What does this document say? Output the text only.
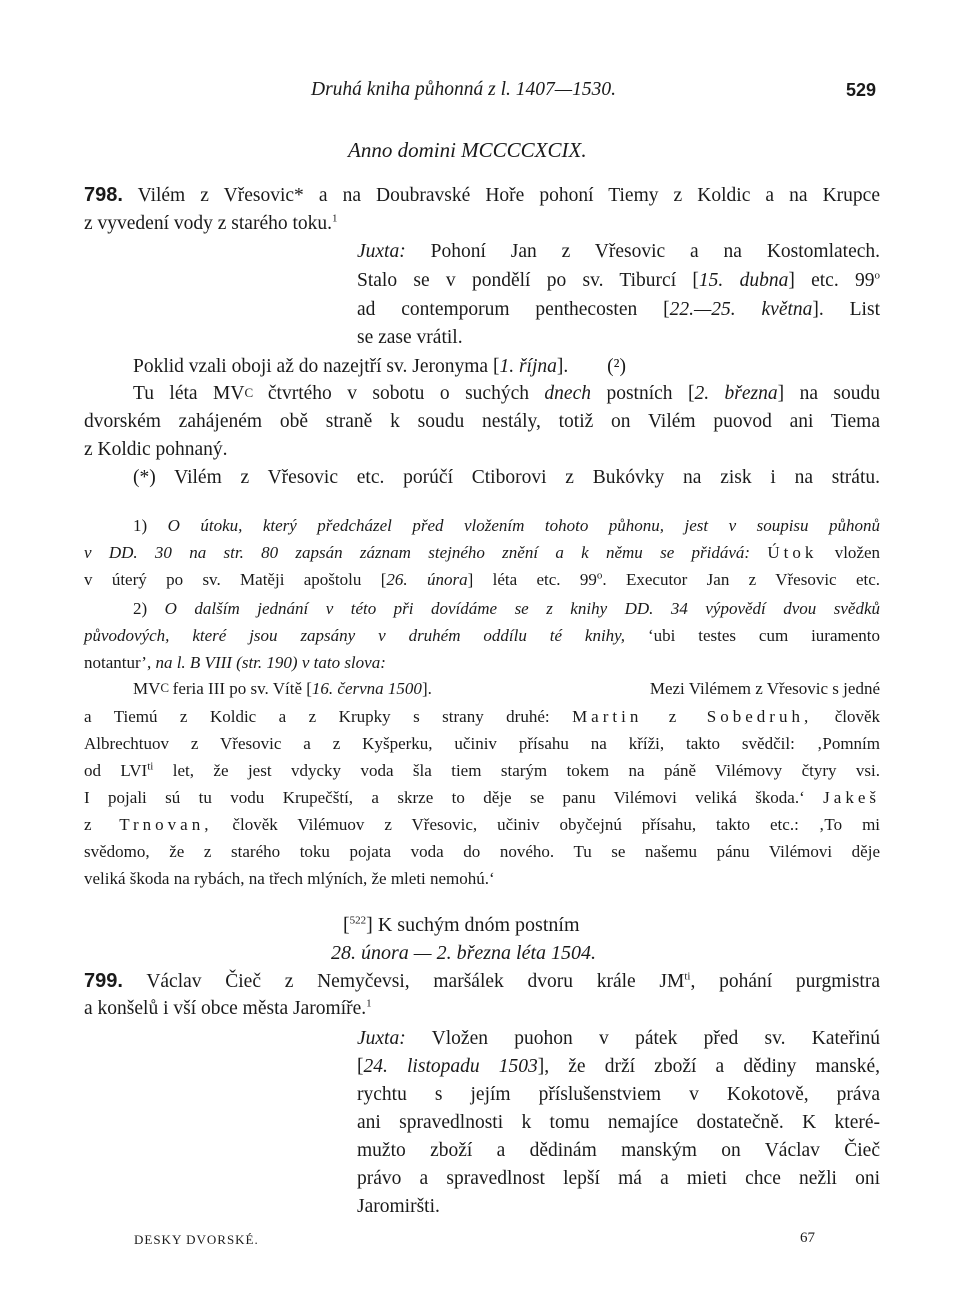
Druhá kniha půhonná z l. 1407—1530.	529
Anno domini MCCCCXCIX.
798. Vilém z Vřesovic* a na Doubravské Hoře pohoní Tiemy z Koldic a na Krupce
z vyvedení vody z starého toku.$^1$
Juxta: Pohoní Jan z Vřesovic a na Kostomlatech.
Stalo se v pondělí po sv. Tiburcí [15. dubna] etc. 99$^o$
ad contemporum penthecosten [22.—25. května]. List
se zase vrátil.
Poklid vzali oboji až do nazejtří sv. Jeronyma [1. října]. (²)
Tu léta MV C čtvrtého v sobotu o suchých dnech postních [2. března] na soudu
dvorském zahájeném obě straně k soudu nestály, totiž on Vilém puovod ani Tiema
z Koldic pohnaný.
(*) Vilém z Vřesovic etc. porúčí Ctiborovi z Bukóvky na zisk i na strátu.
1) O útoku, který předcházel před vložením tohoto půhonu, jest v soupisu půhonů
v DD. 30 na str. 80 zapsán záznam stejného znění a k němu se přidává: Útok vložen
v úterý po sv. Matěji apoštolu [26. února] léta etc. 99$^o$. Executor Jan z Vřesovic etc.
2) O dalším jednání v této při dovídáme se z knihy DD. 34 výpovědí dvou svědků
původových, které jsou zapsány v druhém oddílu té knihy, ‘ubi testes cum iuramento
notantur’, na l. B VIII (str. 190) v tato slova:
MV C feria III po sv. Vítě [16. června 1500].	Mezi Vilémem z Vřesovic s jedné
a Tiemú z Koldic a z Krupky s strany druhé: Martin z Sobedruh, člověk
Albrechtuov z Vřesovic a z Kyšperku, učiniv přísahu na kříži, takto svědčil: ‚Pomním
od $LVI^{ti}$ let, že jest vdycky voda šla tiem starým tokem na páně Vilémovy čtyry vsi.
I pojali sú tu vodu Krupečští, a skrze to děje se panu Vilémovi veliká škoda.‘ Jakeš
z Trnovan, člověk Vilémuov z Vřesovic, učiniv obyčejnú přísahu, takto etc.: ‚To mi
svědomo, že z starého toku pojata voda do nového. Tu se našemu pánu Vilémovi děje
veliká škoda na rybách, na třech mlýních, že mleti nemohú.‘
[$^{522}$] K suchým dnóm postním
28. února — 2. března léta 1504.
799. Václav Čieč z Nemyčevsi, maršálek dvoru krále $JM^{ti}$, pohání purgmistra
a konšelů i vší obce města Jaromíře.$^1$
Juxta: Vložen puohon v pátek před sv. Kateřinú
[24. listopadu 1503], že drží zboží a dědiny manské,
rychtu s jejím příslušenstviem v Kokotově, práva
ani spravedlnosti k tomu nemajíce dostatečně. K které-
mužto zboží a dědinám manským on Václav Čieč
právo a spravedlnost lepší má a mieti chce nežli oni
Jaromiršti.
DESKY DVORSKÉ.	67
